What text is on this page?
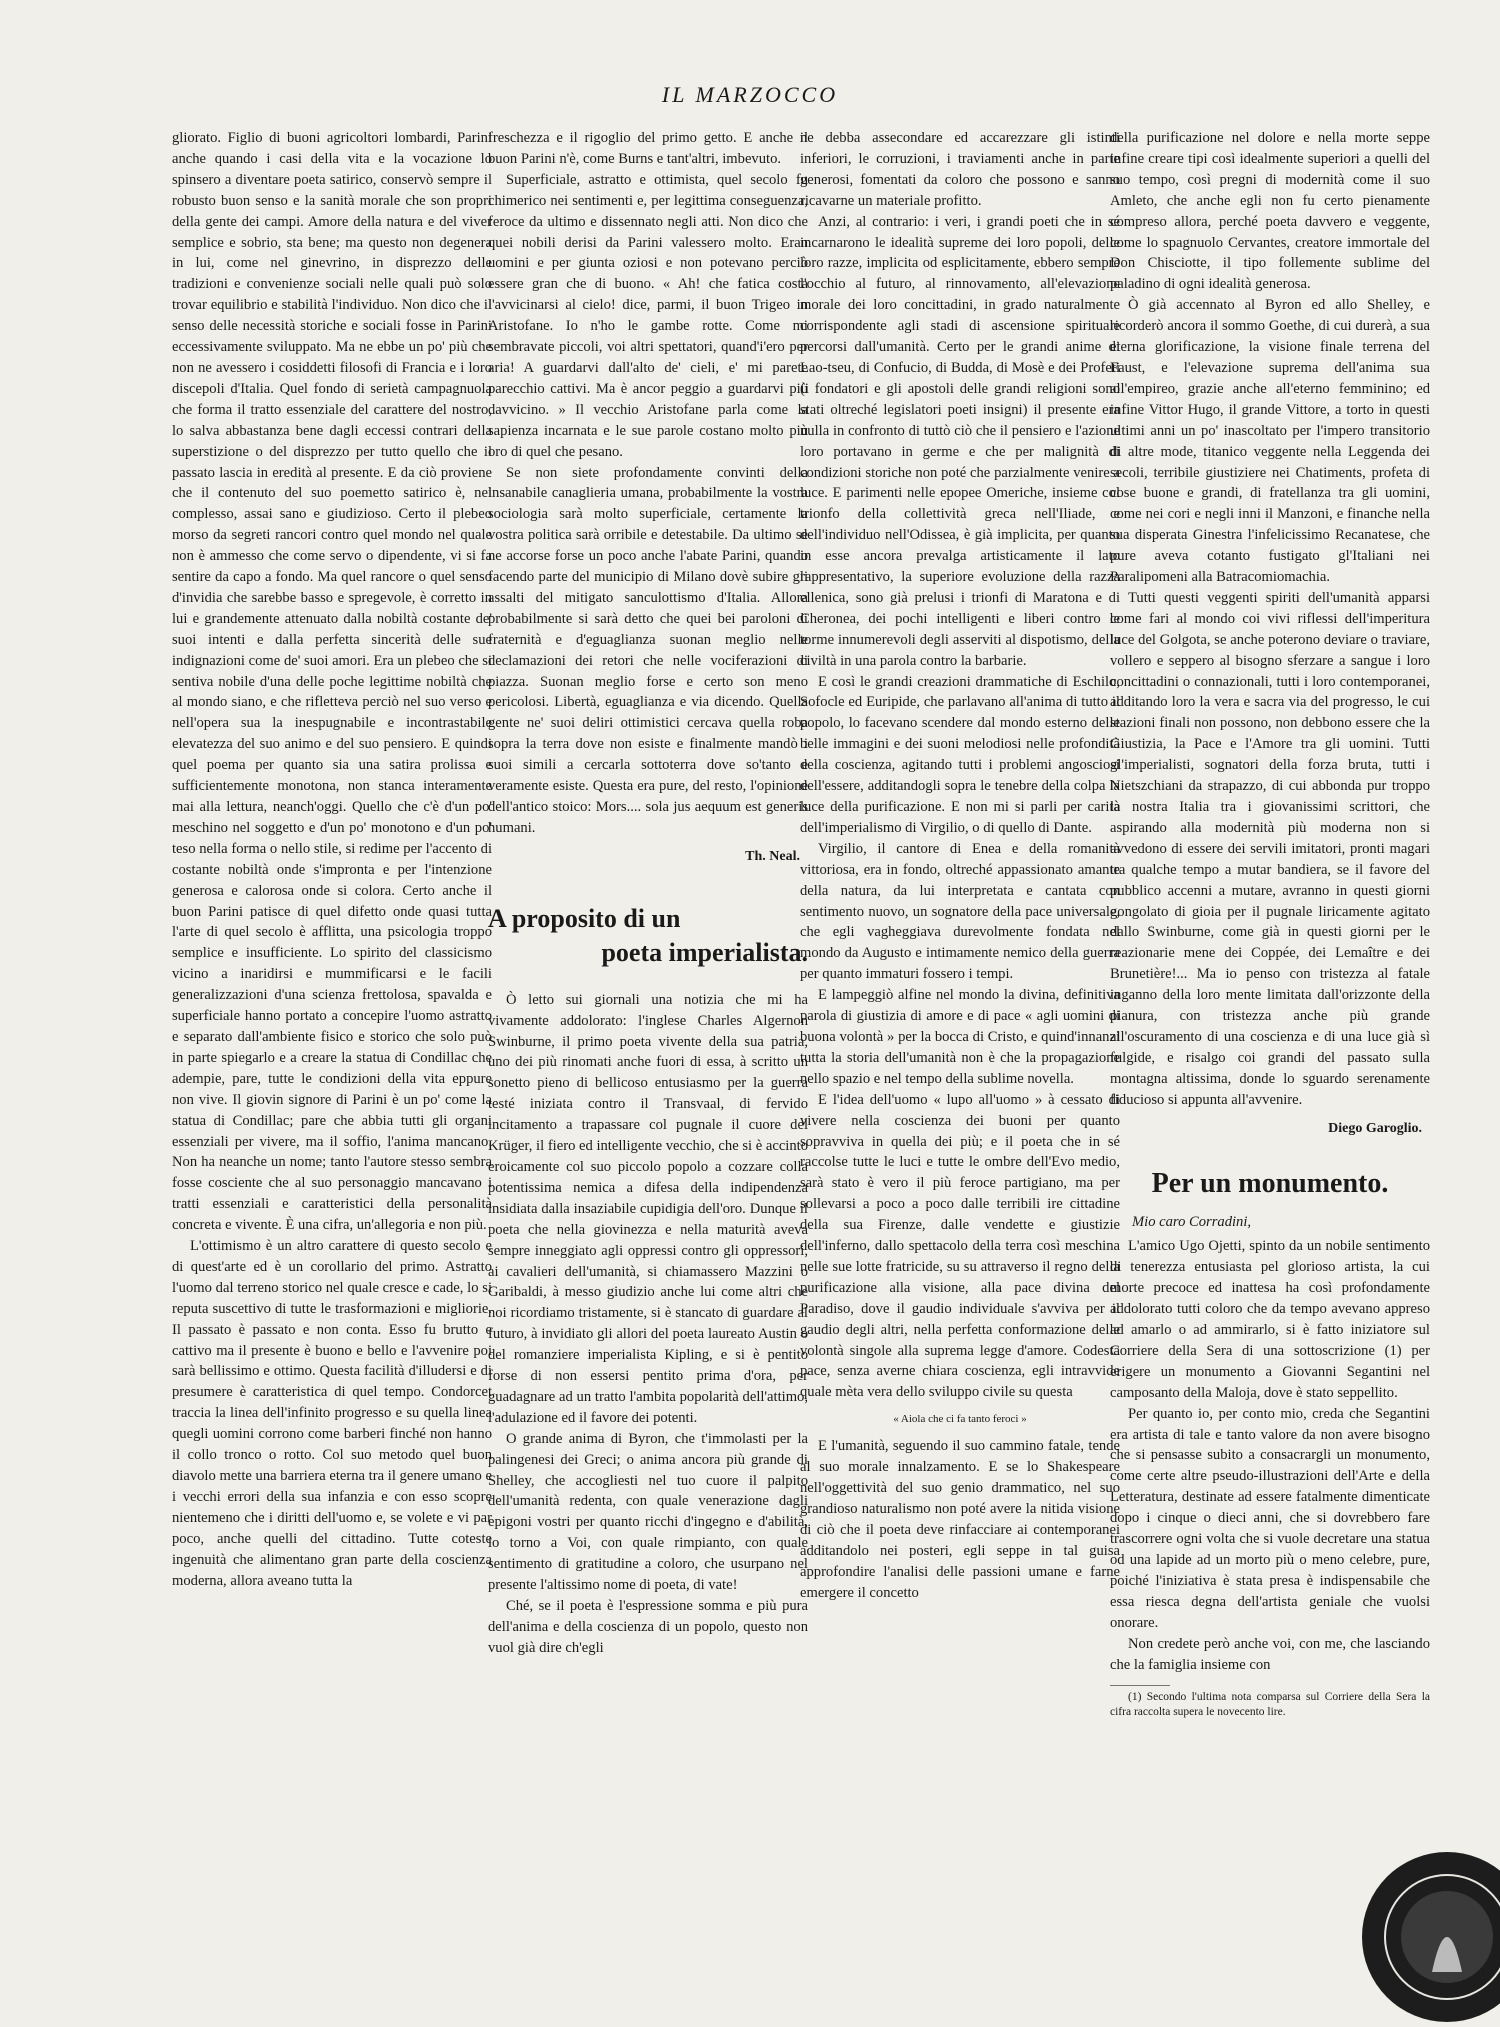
IL MARZOCCO

gliorato. Figlio di buoni agricoltori lombardi, Parini anche quando i casi della vita e la vocazione lo spinsero a diventare poeta satirico, conservò sempre il robusto buon senso e la sanità morale che son propri della gente dei campi. Amore della natura e del viver semplice e sobrio, sta bene; ma questo non degenera in lui, come nel ginevrino, in disprezzo delle tradizioni e convenienze sociali nelle quali può solo trovar equilibrio e stabilità l'individuo. Non dico che il senso delle necessità storiche e sociali fosse in Parini eccessivamente sviluppato. Ma ne ebbe un po' più che non ne avessero i cosiddetti filosofi di Francia e i loro discepoli d'Italia. Quel fondo di serietà campagnuola che forma il tratto essenziale del carattere del nostro, lo salva abbastanza bene dagli eccessi contrari della superstizione o del disprezzo per tutto quello che il passato lascia in eredità al presente. E da ciò proviene che il contenuto del suo poemetto satirico è, nel complesso, assai sano e giudizioso. Certo il plebeo morso da segreti rancori contro quel mondo nel quale non è ammesso che come servo o dipendente, vi si fa sentire da capo a fondo. Ma quel rancore o quel senso d'invidia che sarebbe basso e spregevole, è corretto in lui e grandemente attenuato dalla nobiltà costante de' suoi intenti e dalla perfetta sincerità delle sue indignazioni come de' suoi amori. Era un plebeo che si sentiva nobile d'una delle poche legittime nobiltà che al mondo siano, e che rifletteva perciò nel suo verso e nell'opera sua la inespugnabile e incontrastabile elevatezza del suo animo e del suo pensiero. E quindi quel poema per quanto sia una satira prolissa e sufficientemente monotona, non stanca interamente mai alla lettura, neanch'oggi. Quello che c'è d'un po' meschino nel soggetto e d'un po' monotono e d'un po' teso nella forma o nello stile, si redime per l'accento di costante nobiltà onde s'impronta e per l'intenzione generosa e calorosa onde si colora. Certo anche il buon Parini patisce di quel difetto onde quasi tutta l'arte di quel secolo è afflitta, una psicologia troppo semplice e insufficiente. Lo spirito del classicismo vicino a inaridirsi e mummificarsi e le facili generalizzazioni d'una scienza frettolosa, spavalda e superficiale hanno portato a concepire l'uomo astratto e separato dall'ambiente fisico e storico che solo può in parte spiegarlo e a creare la statua di Condillac che adempie, pare, tutte le condizioni della vita eppure non vive. Il giovin signore di Parini è un po' come la statua di Condillac; pare che abbia tutti gli organi essenziali per vivere, ma il soffio, l'anima mancano. Non ha neanche un nome; tanto l'autore stesso sembra fosse cosciente che al suo personaggio mancavano i tratti essenziali e caratteristici della personalità concreta e vivente. È una cifra, un'allegoria e non più.

L'ottimismo è un altro carattere di questo secolo e di quest'arte ed è un corollario del primo. Astratto l'uomo dal terreno storico nel quale cresce e cade, lo si reputa suscettivo di tutte le trasformazioni e migliorie. Il passato è passato e non conta. Esso fu brutto e cattivo ma il presente è buono e bello e l'avvenire poi sarà bellissimo e ottimo. Questa facilità d'illudersi e di presumere è caratteristica di quel tempo. Condorcet traccia la linea dell'infinito progresso e su quella linea quegli uomini corrono come barberi finché non hanno il collo tronco o rotto. Col suo metodo quel buon diavolo mette una barriera eterna tra il genere umano e i vecchi errori della sua infanzia e con esso scopre nientemeno che i diritti dell'uomo e, se volete e vi par poco, anche quelli del cittadino. Tutte coteste ingenuità che alimentano gran parte della coscienza moderna, allora aveano tutta la

freschezza e il rigoglio del primo getto. E anche il buon Parini n'è, come Burns e tant'altri, imbevuto.

Superficiale, astratto e ottimista, quel secolo fu chimerico nei sentimenti e, per legittima conseguenza, feroce da ultimo e dissennato negli atti. Non dico che quei nobili derisi da Parini valessero molto. Eran uomini e per giunta oziosi e non potevano perciò essere gran che di buono. « Ah! che fatica costa l'avvicinarsi al cielo! dice, parmi, il buon Trigeo in Aristofane. Io n'ho le gambe rotte. Come mi sembravate piccoli, voi altri spettatori, quand'i'ero per aria! A guardarvi dall'alto de' cieli, e' mi parete parecchio cattivi. Ma è ancor peggio a guardarvi più davvicino. » Il vecchio Aristofane parla come la sapienza incarnata e le sue parole costano molto più oro di quel che pesano.

Se non siete profondamente convinti della insanabile canaglieria umana, probabilmente la vostra sociologia sarà molto superficiale, certamente la vostra politica sarà orribile e detestabile. Da ultimo se ne accorse forse un poco anche l'abate Parini, quando facendo parte del municipio di Milano dovè subire gli assalti del mitigato sanculottismo d'Italia. Allora probabilmente si sarà detto che quei bei paroloni di fraternità e d'eguaglianza suonan meglio nelle declamazioni dei retori che nelle vociferazioni di piazza. Suonan meglio forse e certo son meno pericolosi. Libertà, eguaglianza e via dicendo. Quella gente ne' suoi deliri ottimistici cercava quella roba sopra la terra dove non esiste e finalmente mandò i suoi simili a cercarla sottoterra dove so'tanto e veramente esiste. Questa era pure, del resto, l'opinione dell'antico stoico: Mors.... sola jus aequum est generis humani.

Th. Neal.
A proposito di un
poeta imperialista.

Ò letto sui giornali una notizia che mi ha vivamente addolorato: l'inglese Charles Algernon Swinburne, il primo poeta vivente della sua patria, uno dei più rinomati anche fuori di essa, à scritto un sonetto pieno di bellicoso entusiasmo per la guerra testé iniziata contro il Transvaal, di fervido incitamento a trapassare col pugnale il cuore del Krüger, il fiero ed intelligente vecchio, che si è accinto eroicamente col suo piccolo popolo a cozzare colla potentissima nemica a difesa della indipendenza insidiata dalla insaziabile cupidigia dell'oro. Dunque il poeta che nella giovinezza e nella maturità aveva sempre inneggiato agli oppressi contro gli oppressori, ai cavalieri dell'umanità, si chiamassero Mazzini o Garibaldi, à messo giudizio anche lui come altri che noi ricordiamo tristamente, si è stancato di guardare al futuro, à invidiato gli allori del poeta laureato Austin o del romanziere imperialista Kipling, e si è pentito forse di non essersi pentito prima d'ora, per guadagnare ad un tratto l'ambita popolarità dell'attimo, l'adulazione ed il favore dei potenti.

O grande anima di Byron, che t'immolasti per la palingenesi dei Greci; o anima ancora più grande di Shelley, che accogliesti nel tuo cuore il palpito dell'umanità redenta, con quale venerazione dagli epigoni vostri per quanto ricchi d'ingegno e d'abilità, io torno a Voi, con quale rimpianto, con quale sentimento di gratitudine a coloro, che usurpano nel presente l'altissimo nome di poeta, di vate!

Ché, se il poeta è l'espressione somma e più pura dell'anima e della coscienza di un popolo, questo non vuol già dire ch'egli

ne debba assecondare ed accarezzare gli istinti inferiori, le corruzioni, i traviamenti anche in parte generosi, fomentati da coloro che possono e sanno ricavarne un materiale profitto.

Anzi, al contrario: i veri, i grandi poeti che in sé incarnarono le idealità supreme dei loro popoli, delle loro razze, implicita od esplicitamente, ebbero sempre l'occhio al futuro, al rinnovamento, all'elevazione morale dei loro concittadini, in grado naturalmente corrispondente agli stadi di ascensione spirituale percorsi dall'umanità. Certo per le grandi anime di Lao-tseu, di Confucio, di Budda, di Mosè e dei Profeti (i fondatori e gli apostoli delle grandi religioni sono stati oltreché legislatori poeti insigni) il presente era nulla in confronto di tuttò ciò che il pensiero e l'azione loro portavano in germe e che per malignità di condizioni storiche non poté che parzialmente venire a luce. E parimenti nelle epopee Omeriche, insieme col trionfo della collettività greca nell'Iliade, e dell'individuo nell'Odissea, è già implicita, per quanto in esse ancora prevalga artisticamente il lato rappresentativo, la superiore evoluzione della razza ellenica, sono già prelusi i trionfi di Maratona e di Cheronea, dei pochi intelligenti e liberi contro le torme innumerevoli degli asserviti al dispotismo, della civiltà in una parola contro la barbarie.

E così le grandi creazioni drammatiche di Eschilo, Sofocle ed Euripide, che parlavano all'anima di tutto il popolo, lo facevano scendere dal mondo esterno delle belle immagini e dei suoni melodiosi nelle profondità della coscienza, agitando tutti i problemi angosciosi dell'essere, additandogli sopra le tenebre della colpa la luce della purificazione. E non mi si parli per carità dell'imperialismo di Virgilio, o di quello di Dante.

Virgilio, il cantore di Enea e della romanità vittoriosa, era in fondo, oltreché appassionato amante della natura, da lui interpretata e cantata con sentimento nuovo, un sognatore della pace universale, che egli vagheggiava durevolmente fondata nel mondo da Augusto e intimamente nemico della guerra per quanto immaturi fossero i tempi.

E lampeggiò alfine nel mondo la divina, definitiva parola di giustizia di amore e di pace « agli uomini di buona volontà » per la bocca di Cristo, e quind'innanzi tutta la storia dell'umanità non è che la propagazione nello spazio e nel tempo della sublime novella.

E l'idea dell'uomo « lupo all'uomo » à cessato di vivere nella coscienza dei buoni per quanto sopravviva in quella dei più; e il poeta che in sé raccolse tutte le luci e tutte le ombre dell'Evo medio, sarà stato è vero il più feroce partigiano, ma per sollevarsi a poco a poco dalle terribili ire cittadine della sua Firenze, dalle vendette e giustizie dell'inferno, dallo spettacolo della terra così meschina nelle sue lotte fratricide, su su attraverso il regno della purificazione alla visione, alla pace divina del Paradiso, dove il gaudio individuale s'avviva per il gaudio degli altri, nella perfetta conformazione delle volontà singole alla suprema legge d'amore. Codesta pace, senza averne chiara coscienza, egli intravvide quale mèta vera dello sviluppo civile su questa

« Aiola che ci fa tanto feroci »

E l'umanità, seguendo il suo cammino fatale, tende al suo morale innalzamento. E se lo Shakespeare nell'oggettività del suo genio drammatico, nel suo grandioso naturalismo non poté avere la nitida visione di ciò che il poeta deve rinfacciare ai contemporanei additandolo nei posteri, egli seppe in tal guisa approfondire l'analisi delle passioni umane e farne emergere il concetto

della purificazione nel dolore e nella morte seppe infine creare tipi così idealmente superiori a quelli del suo tempo, così pregni di modernità come il suo Amleto, che anche egli non fu certo pienamente compreso allora, perché poeta davvero e veggente, come lo spagnuolo Cervantes, creatore immortale del Don Chisciotte, il tipo follemente sublime del paladino di ogni idealità generosa.

Ò già accennato al Byron ed allo Shelley, e ricorderò ancora il sommo Goethe, di cui durerà, a sua eterna glorificazione, la visione finale terrena del Faust, e l'elevazione suprema dell'anima sua all'empireo, grazie anche all'eterno femminino; ed infine Vittor Hugo, il grande Vittore, a torto in questi ultimi anni un po' inascoltato per l'impero transitorio di altre mode, titanico veggente nella Leggenda dei secoli, terribile giustiziere nei Chatiments, profeta di cose buone e grandi, di fratellanza tra gli uomini, come nei cori e negli inni il Manzoni, e finanche nella sua disperata Ginestra l'infelicissimo Recanatese, che pure aveva cotanto fustigato gl'Italiani nei Paralipomeni alla Batracomiomachia.

Tutti questi veggenti spiriti dell'umanità apparsi come fari al mondo coi vivi riflessi dell'imperitura luce del Golgota, se anche poterono deviare o traviare, vollero e seppero al bisogno sferzare a sangue i loro concittadini o connazionali, tutti i loro contemporanei, additando loro la vera e sacra via del progresso, le cui stazioni finali non possono, non debbono essere che la Giustizia, la Pace e l'Amore tra gli uomini. Tutti gl'imperialisti, sognatori della forza bruta, tutti i Nietszchiani da strapazzo, di cui abbonda pur troppo la nostra Italia tra i giovanissimi scrittori, che aspirando alla modernità più moderna non si avvedono di essere dei servili imitatori, pronti magari tra qualche tempo a mutar bandiera, se il favore del pubblico accenni a mutare, avranno in questi giorni gongolato di gioia per il pugnale liricamente agitato dallo Swinburne, come già in questi giorni per le reazionarie mene dei Coppée, dei Lemaître e dei Brunetière!... Ma io penso con tristezza al fatale inganno della loro mente limitata dall'orizzonte della pianura, con tristezza anche più grande all'oscuramento di una coscienza e di una luce già sì fulgide, e risalgo coi grandi del passato sulla montagna altissima, donde lo sguardo serenamente fiducioso si appunta all'avvenire.

Diego Garoglio.
Per un monumento.
Mio caro Corradini,

L'amico Ugo Ojetti, spinto da un nobile sentimento di tenerezza entusiasta pel glorioso artista, la cui morte precoce ed inattesa ha così profondamente addolorato tutti coloro che da tempo avevano appreso ad amarlo o ad ammirarlo, si è fatto iniziatore sul Corriere della Sera di una sottoscrizione (1) per erigere un monumento a Giovanni Segantini nel camposanto della Maloja, dove è stato seppellito.

Per quanto io, per conto mio, creda che Segantini era artista di tale e tanto valore da non avere bisogno che si pensasse subito a consacrargli un monumento, come certe altre pseudo-illustrazioni dell'Arte e della Letteratura, destinate ad essere fatalmente dimenticate dopo i cinque o dieci anni, che si dovrebbero fare trascorrere ogni volta che si vuole decretare una statua od una lapide ad un morto più o meno celebre, pure, poiché l'iniziativa è stata presa è indispensabile che essa riesca degna dell'artista geniale che vuolsi onorare.

Non credete però anche voi, con me, che lasciando che la famiglia insieme con

(1) Secondo l'ultima nota comparsa sul Corriere della Sera la cifra raccolta supera le novecento lire.
